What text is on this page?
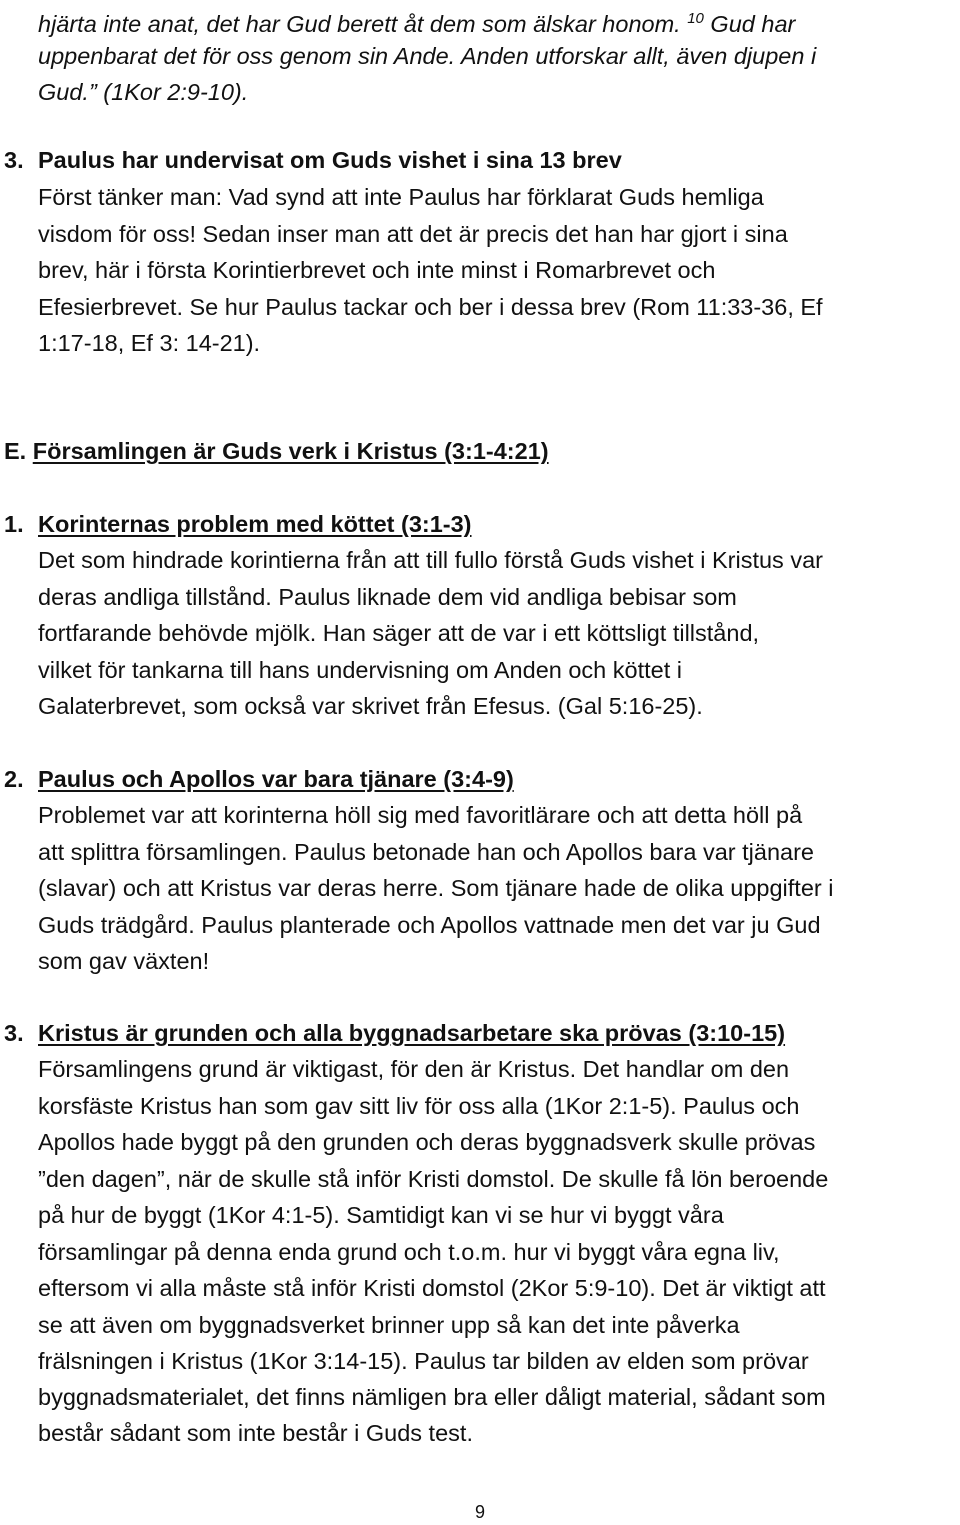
hjärta inte anat, det har Gud berett åt dem som älskar honom. $^{10}$ Gud har
uppenbarat det för oss genom sin Ande. Anden utforskar allt, även djupen i
Gud.” (1Kor 2:9-10).
3. Paulus har undervisat om Guds vishet i sina 13 brev
Först tänker man: Vad synd att inte Paulus har förklarat Guds hemliga
visdom för oss! Sedan inser man att det är precis det han har gjort i sina
brev, här i första Korintierbrevet och inte minst i Romarbrevet och
Efesierbrevet. Se hur Paulus tackar och ber i dessa brev (Rom 11:33-36, Ef
1:17-18, Ef 3: 14-21).
E. Församlingen är Guds verk i Kristus (3:1-4:21)
1. Korinternas problem med köttet (3:1-3)
Det som hindrade korintierna från att till fullo förstå Guds vishet i Kristus var
deras andliga tillstånd. Paulus liknade dem vid andliga bebisar som
fortfarande behövde mjölk. Han säger att de var i ett köttsligt tillstånd,
vilket för tankarna till hans undervisning om Anden och köttet i
Galaterbrevet, som också var skrivet från Efesus. (Gal 5:16-25).
2. Paulus och Apollos var bara tjänare (3:4-9)
Problemet var att korinterna höll sig med favoritlärare och att detta höll på
att splittra församlingen. Paulus betonade han och Apollos bara var tjänare
(slavar) och att Kristus var deras herre. Som tjänare hade de olika uppgifter i
Guds trädgård. Paulus planterade och Apollos vattnade men det var ju Gud
som gav växten!
3. Kristus är grunden och alla byggnadsarbetare ska prövas (3:10-15)
Församlingens grund är viktigast, för den är Kristus. Det handlar om den
korsfäste Kristus han som gav sitt liv för oss alla (1Kor 2:1-5). Paulus och
Apollos hade byggt på den grunden och deras byggnadsverk skulle prövas
”den dagen”, när de skulle stå inför Kristi domstol. De skulle få lön beroende
på hur de byggt (1Kor 4:1-5). Samtidigt kan vi se hur vi byggt våra
församlingar på denna enda grund och t.o.m. hur vi byggt våra egna liv,
eftersom vi alla måste stå inför Kristi domstol (2Kor 5:9-10). Det är viktigt att
se att även om byggnadsverket brinner upp så kan det inte påverka
frälsningen i Kristus (1Kor 3:14-15). Paulus tar bilden av elden som prövar
byggnadsmaterialet, det finns nämligen bra eller dåligt material, sådant som
består sådant som inte består i Guds test.
9
